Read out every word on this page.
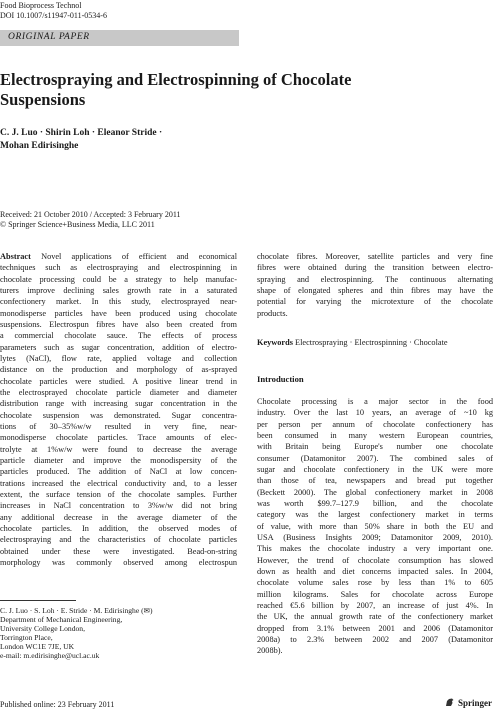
Food Bioprocess Technol
DOI 10.1007/s11947-011-0534-6
ORIGINAL PAPER
Electrospraying and Electrospinning of Chocolate
Suspensions
C. J. Luo · Shirin Loh · Eleanor Stride ·
Mohan Edirisinghe
Received: 21 October 2010 / Accepted: 3 February 2011
© Springer Science+Business Media, LLC 2011
Abstract Novel applications of efficient and economical
techniques such as electrospraying and electrospinning in
chocolate processing could be a strategy to help manufac-
turers improve declining sales growth rate in a saturated
confectionery market. In this study, electrosprayed near-
monodisperse particles have been produced using chocolate
suspensions. Electrospun fibres have also been created from
a commercial chocolate sauce. The effects of process
parameters such as sugar concentration, addition of electro-
lytes (NaCl), flow rate, applied voltage and collection
distance on the production and morphology of as-sprayed
chocolate particles were studied. A positive linear trend in
the electrosprayed chocolate particle diameter and diameter
distribution range with increasing sugar concentration in the
chocolate suspension was demonstrated. Sugar concentra-
tions of 30–35%w/w resulted in very fine, near-
monodisperse chocolate particles. Trace amounts of elec-
trolyte at 1%w/w were found to decrease the average
particle diameter and improve the monodispersity of the
particles produced. The addition of NaCl at low concen-
trations increased the electrical conductivity and, to a lesser
extent, the surface tension of the chocolate samples. Further
increases in NaCl concentration to 3%w/w did not bring
any additional decrease in the average diameter of the
chocolate particles. In addition, the observed modes of
electrospraying and the characteristics of chocolate particles
obtained under these were investigated. Bead-on-string
morphology was commonly observed among electrospun
C. J. Luo · S. Loh · E. Stride · M. Edirisinghe (✉)
Department of Mechanical Engineering,
University College London,
Torrington Place,
London WC1E 7JE, UK
e-mail: m.edirisinghe@ucl.ac.uk
chocolate fibres. Moreover, satellite particles and very fine
fibres were obtained during the transition between electro-
spraying and electrospinning. The continuous alternating
shape of elongated spheres and thin fibres may have the
potential for varying the microtexture of the chocolate
products.
Keywords Electrospraying · Electrospinning · Chocolate
Introduction
Chocolate processing is a major sector in the food
industry. Over the last 10 years, an average of ~10 kg
per person per annum of chocolate confectionery has
been consumed in many western European countries,
with Britain being Europe's number one chocolate
consumer (Datamonitor 2007). The combined sales of
sugar and chocolate confectionery in the UK were more
than those of tea, newspapers and bread put together
(Beckett 2000). The global confectionery market in 2008
was worth $99.7–127.9 billion, and the chocolate
category was the largest confectionery market in terms
of value, with more than 50% share in both the EU and
USA (Business Insights 2009; Datamonitor 2009, 2010).
This makes the chocolate industry a very important one.
However, the trend of chocolate consumption has slowed
down as health and diet concerns impacted sales. In 2004,
chocolate volume sales rose by less than 1% to 605
million kilograms. Sales for chocolate across Europe
reached €5.6 billion by 2007, an increase of just 4%. In
the UK, the annual growth rate of the confectionery market
dropped from 3.1% between 2001 and 2006 (Datamonitor
2008a) to 2.3% between 2002 and 2007 (Datamonitor
2008b).
Published online: 23 February 2011	Springer
